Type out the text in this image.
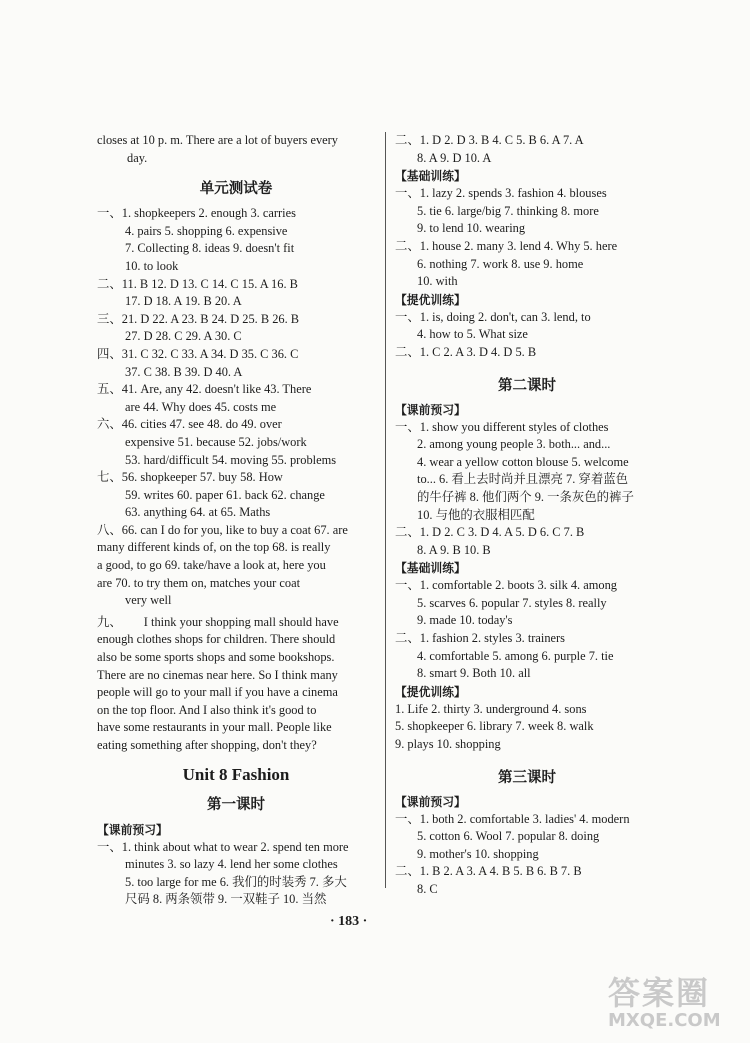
closes at 10 p. m. There are a lot of buyers every
day.
单元测试卷
一、1. shopkeepers 2. enough 3. carries
4. pairs 5. shopping 6. expensive
7. Collecting 8. ideas 9. doesn't fit
10. to look
二、11. B 12. D 13. C 14. C 15. A 16. B
17. D 18. A 19. B 20. A
三、21. D 22. A 23. B 24. D 25. B 26. B
27. D 28. C 29. A 30. C
四、31. C 32. C 33. A 34. D 35. C 36. C
37. C 38. B 39. D 40. A
五、41. Are, any 42. doesn't like 43. There
are 44. Why does 45. costs me
六、46. cities 47. see 48. do 49. over
expensive 51. because 52. jobs/work
53. hard/difficult 54. moving 55. problems
七、56. shopkeeper 57. buy 58. How
59. writes 60. paper 61. back 62. change
63. anything 64. at 65. Maths
八、66. can I do for you, like to buy a coat 67. are
many different kinds of, on the top 68. is really
a good, to go 69. take/have a look at, here you
are 70. to try them on, matches your coat
very well
九、 I think your shopping mall should have
enough clothes shops for children. There should
also be some sports shops and some bookshops.
There are no cinemas near here. So I think many
people will go to your mall if you have a cinema
on the top floor. And I also think it's good to
have some restaurants in your mall. People like
eating something after shopping, don't they?
Unit 8 Fashion
第一课时
【课前预习】
一、1. think about what to wear 2. spend ten more
minutes 3. so lazy 4. lend her some clothes
5. too large for me 6. 我们的时装秀 7. 多大
尺码 8. 两条领带 9. 一双鞋子 10. 当然
二、1. D 2. D 3. B 4. C 5. B 6. A 7. A
8. A 9. D 10. A
【基础训练】
一、1. lazy 2. spends 3. fashion 4. blouses
5. tie 6. large/big 7. thinking 8. more
9. to lend 10. wearing
二、1. house 2. many 3. lend 4. Why 5. here
6. nothing 7. work 8. use 9. home
10. with
【提优训练】
一、1. is, doing 2. don't, can 3. lend, to
4. how to 5. What size
二、1. C 2. A 3. D 4. D 5. B
第二课时
【课前预习】
一、1. show you different styles of clothes
2. among young people 3. both... and...
4. wear a yellow cotton blouse 5. welcome
to... 6. 看上去时尚并且漂亮 7. 穿着蓝色
的牛仔裤 8. 他们两个 9. 一条灰色的裤子
10. 与他的衣服相匹配
二、1. D 2. C 3. D 4. A 5. D 6. C 7. B
8. A 9. B 10. B
【基础训练】
一、1. comfortable 2. boots 3. silk 4. among
5. scarves 6. popular 7. styles 8. really
9. made 10. today's
二、1. fashion 2. styles 3. trainers
4. comfortable 5. among 6. purple 7. tie
8. smart 9. Both 10. all
【提优训练】
1. Life 2. thirty 3. underground 4. sons
5. shopkeeper 6. library 7. week 8. walk
9. plays 10. shopping
第三课时
【课前预习】
一、1. both 2. comfortable 3. ladies' 4. modern
5. cotton 6. Wool 7. popular 8. doing
9. mother's 10. shopping
二、1. B 2. A 3. A 4. B 5. B 6. B 7. B
8. C
· 183 ·
答案圈
MXQE.COM
